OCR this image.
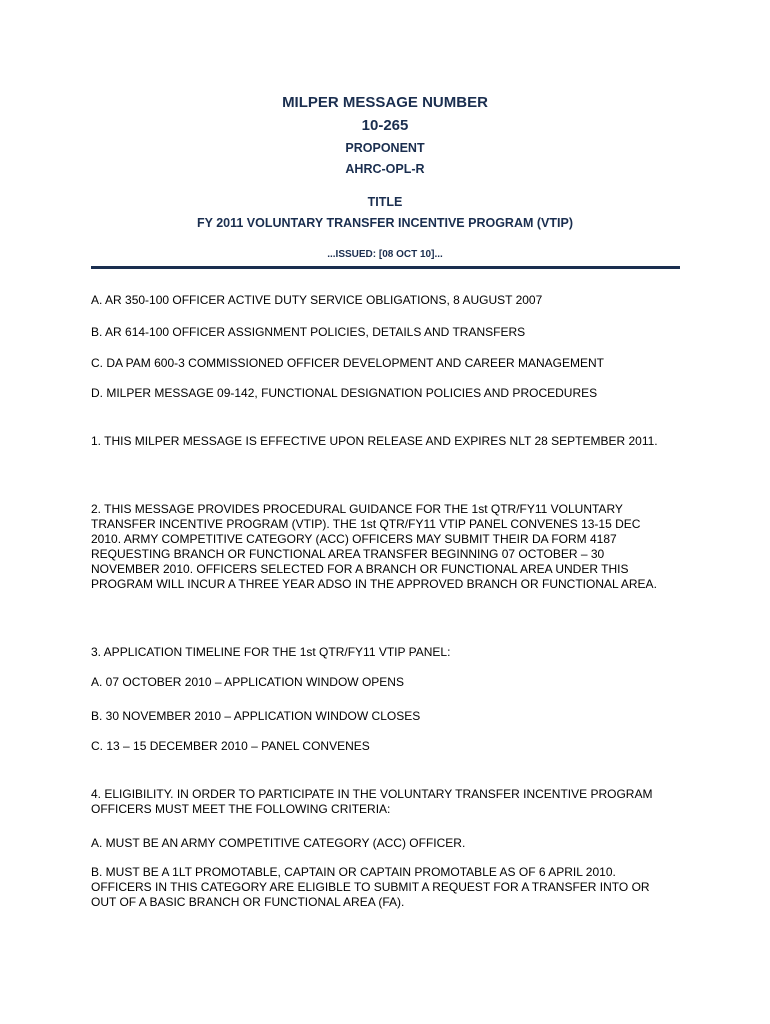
MILPER MESSAGE NUMBER
10-265
PROPONENT
AHRC-OPL-R
TITLE
FY 2011 VOLUNTARY TRANSFER INCENTIVE PROGRAM (VTIP)
...ISSUED: [08 OCT 10]...

A. AR 350-100 OFFICER ACTIVE DUTY SERVICE OBLIGATIONS, 8 AUGUST 2007

B. AR 614-100 OFFICER ASSIGNMENT POLICIES, DETAILS AND TRANSFERS

C. DA PAM 600-3 COMMISSIONED OFFICER DEVELOPMENT AND CAREER MANAGEMENT

D. MILPER MESSAGE 09-142, FUNCTIONAL DESIGNATION POLICIES AND PROCEDURES

1. THIS MILPER MESSAGE IS EFFECTIVE UPON RELEASE AND EXPIRES NLT 28 SEPTEMBER 2011.

2. THIS MESSAGE PROVIDES PROCEDURAL GUIDANCE FOR THE 1st QTR/FY11 VOLUNTARY TRANSFER INCENTIVE PROGRAM (VTIP). THE 1st QTR/FY11 VTIP PANEL CONVENES 13-15 DEC 2010. ARMY COMPETITIVE CATEGORY (ACC) OFFICERS MAY SUBMIT THEIR DA FORM 4187 REQUESTING BRANCH OR FUNCTIONAL AREA TRANSFER BEGINNING 07 OCTOBER – 30 NOVEMBER 2010. OFFICERS SELECTED FOR A BRANCH OR FUNCTIONAL AREA UNDER THIS PROGRAM WILL INCUR A THREE YEAR ADSO IN THE APPROVED BRANCH OR FUNCTIONAL AREA.

3. APPLICATION TIMELINE FOR THE 1st QTR/FY11 VTIP PANEL:

A. 07 OCTOBER 2010 – APPLICATION WINDOW OPENS

B. 30 NOVEMBER 2010 – APPLICATION WINDOW CLOSES

C. 13 – 15 DECEMBER 2010 – PANEL CONVENES

4. ELIGIBILITY. IN ORDER TO PARTICIPATE IN THE VOLUNTARY TRANSFER INCENTIVE PROGRAM OFFICERS MUST MEET THE FOLLOWING CRITERIA:

A. MUST BE AN ARMY COMPETITIVE CATEGORY (ACC) OFFICER.

B. MUST BE A 1LT PROMOTABLE, CAPTAIN OR CAPTAIN PROMOTABLE AS OF 6 APRIL 2010. OFFICERS IN THIS CATEGORY ARE ELIGIBLE TO SUBMIT A REQUEST FOR A TRANSFER INTO OR OUT OF A BASIC BRANCH OR FUNCTIONAL AREA (FA).
